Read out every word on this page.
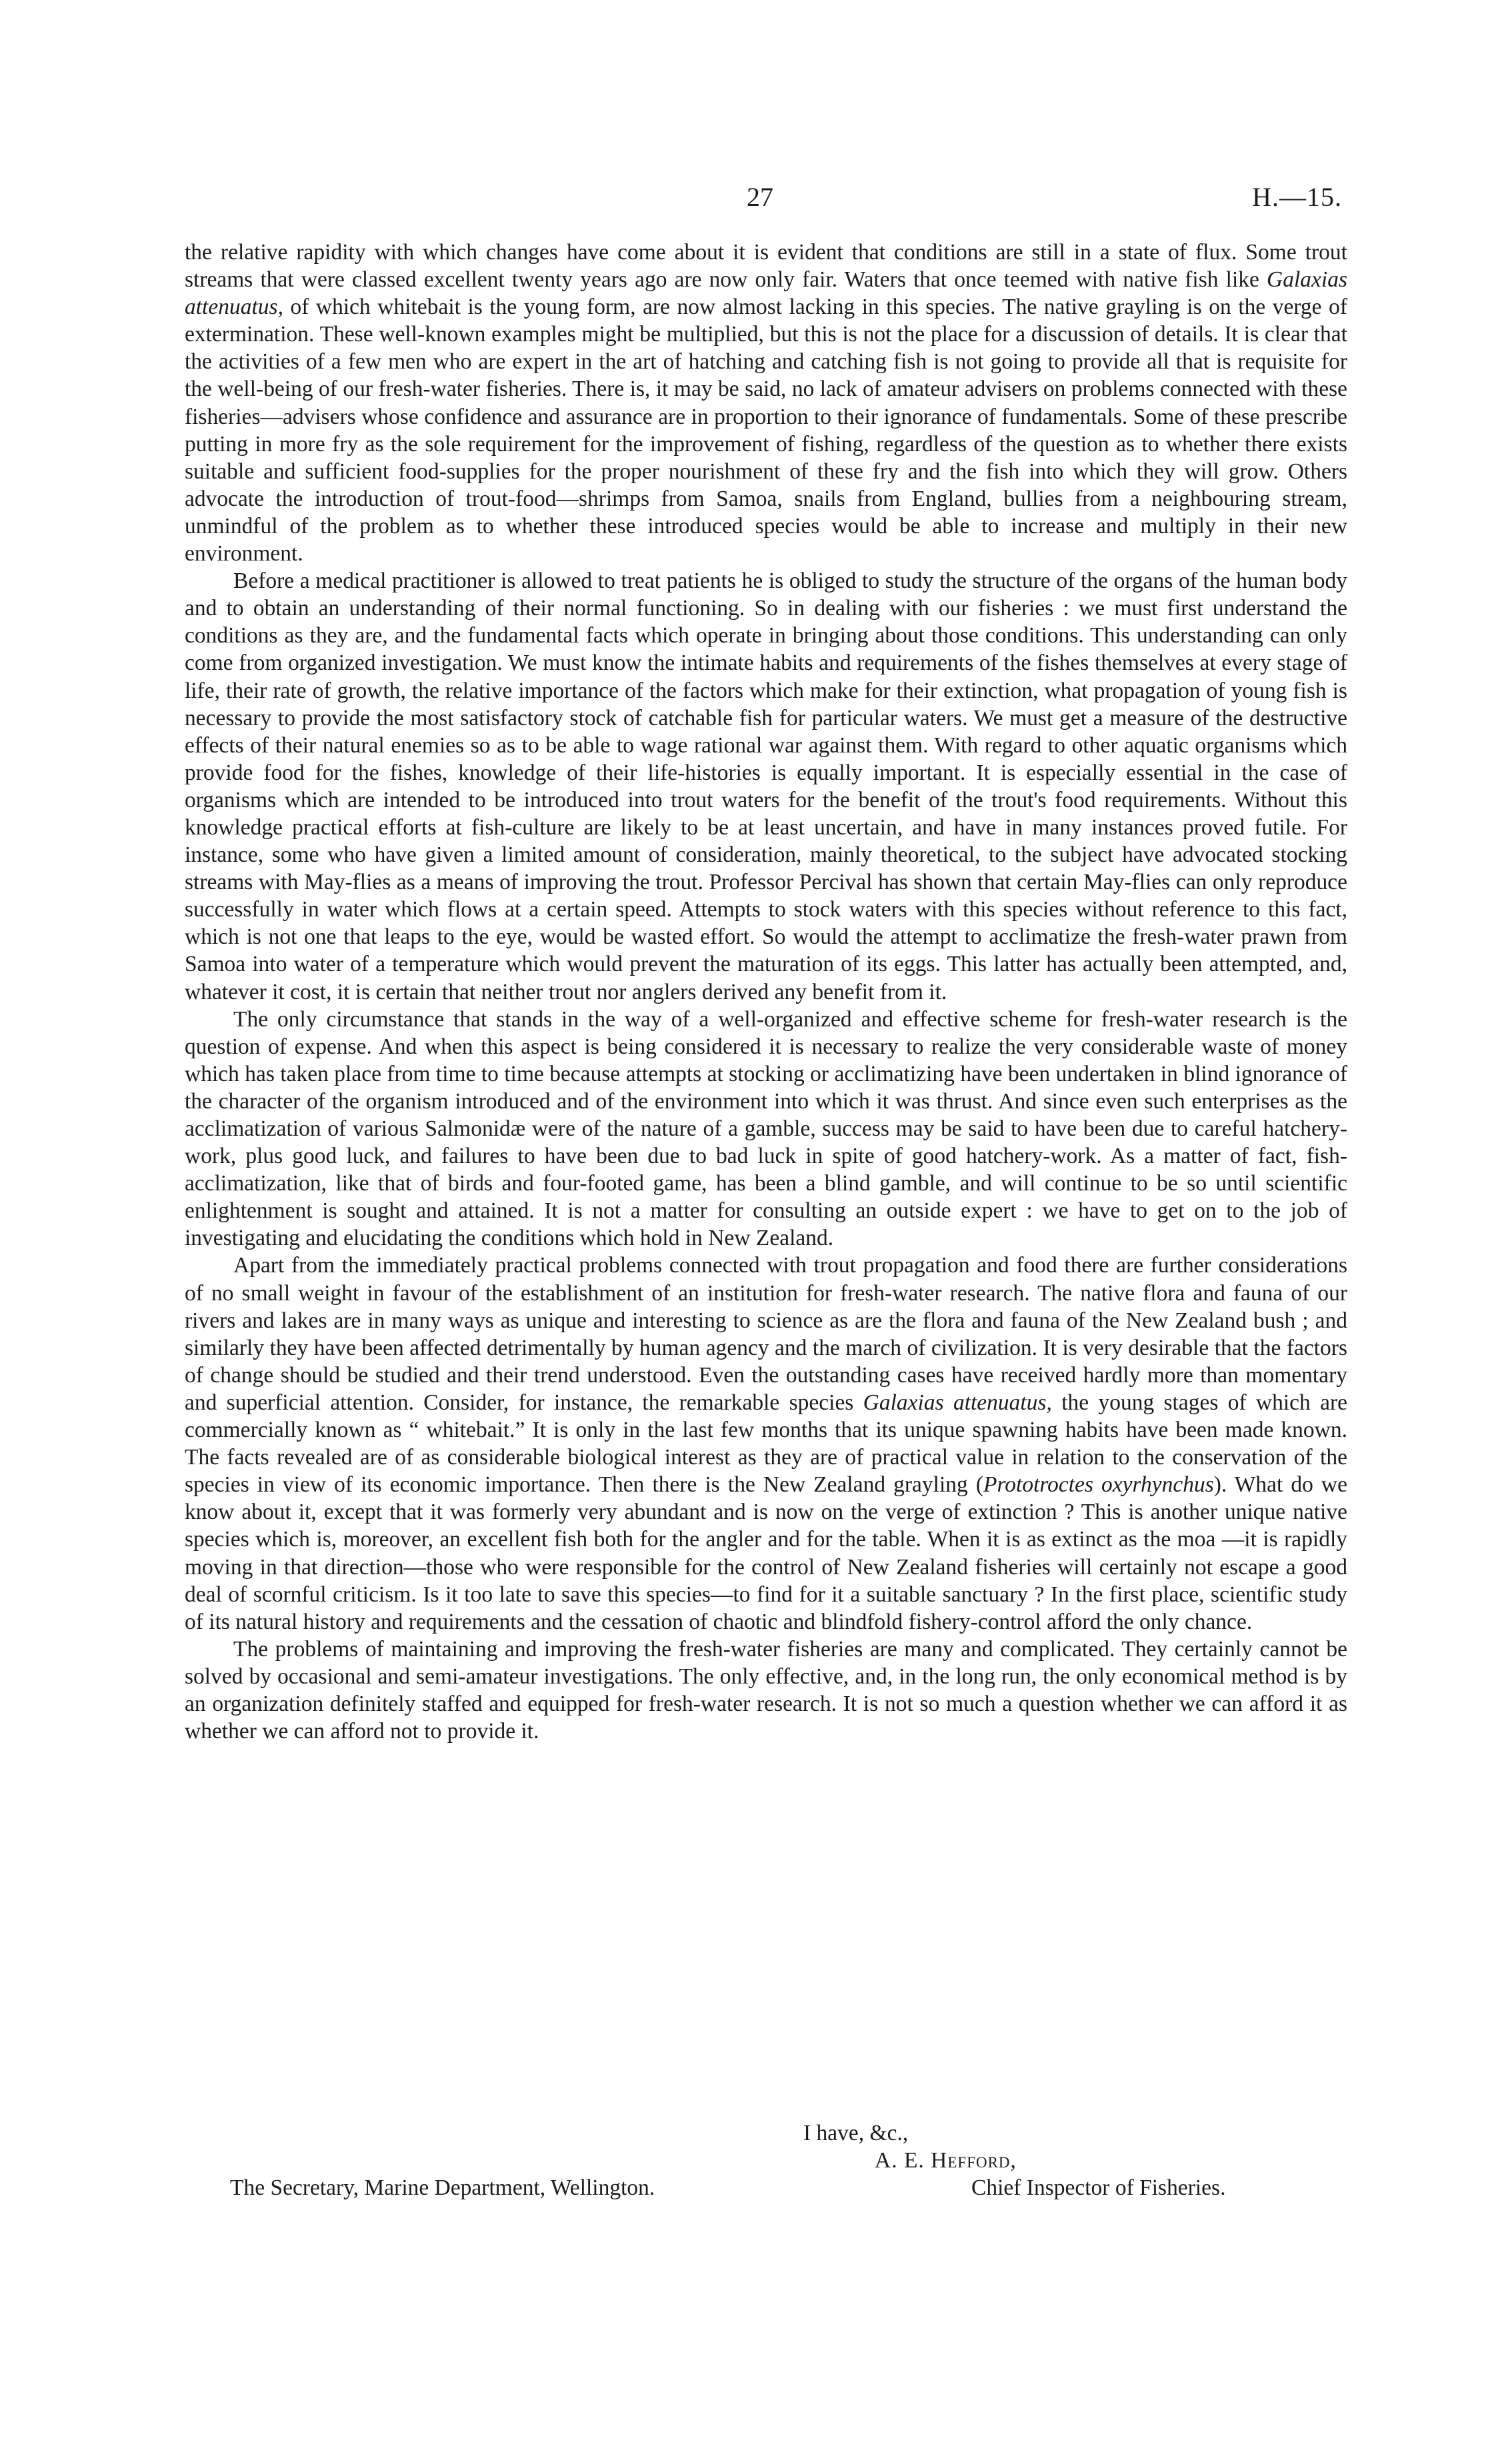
27	H.—15.

the relative rapidity with which changes have come about it is evident that conditions are still in a state of flux. Some trout streams that were classed excellent twenty years ago are now only fair. Waters that once teemed with native fish like Galaxias attenuatus, of which whitebait is the young form, are now almost lacking in this species. The native grayling is on the verge of extermination. These well-known examples might be multiplied, but this is not the place for a discussion of details. It is clear that the activities of a few men who are expert in the art of hatching and catching fish is not going to provide all that is requisite for the well-being of our fresh-water fisheries. There is, it may be said, no lack of amateur advisers on problems connected with these fisheries—advisers whose confidence and assurance are in proportion to their ignorance of fundamentals. Some of these prescribe putting in more fry as the sole requirement for the improvement of fishing, regardless of the question as to whether there exists suitable and sufficient food-supplies for the proper nourishment of these fry and the fish into which they will grow. Others advocate the introduction of trout-food—shrimps from Samoa, snails from England, bullies from a neighbouring stream, unmindful of the problem as to whether these introduced species would be able to increase and multiply in their new environment.

Before a medical practitioner is allowed to treat patients he is obliged to study the structure of the organs of the human body and to obtain an understanding of their normal functioning. So in dealing with our fisheries : we must first understand the conditions as they are, and the fundamental facts which operate in bringing about those conditions. This understanding can only come from organized investigation. We must know the intimate habits and requirements of the fishes themselves at every stage of life, their rate of growth, the relative importance of the factors which make for their extinction, what propagation of young fish is necessary to provide the most satisfactory stock of catchable fish for particular waters. We must get a measure of the destructive effects of their natural enemies so as to be able to wage rational war against them. With regard to other aquatic organisms which provide food for the fishes, knowledge of their life-histories is equally important. It is especially essential in the case of organisms which are intended to be introduced into trout waters for the benefit of the trout's food requirements. Without this knowledge practical efforts at fish-culture are likely to be at least uncertain, and have in many instances proved futile. For instance, some who have given a limited amount of consideration, mainly theoretical, to the subject have advocated stocking streams with May-flies as a means of improving the trout. Professor Percival has shown that certain May-flies can only reproduce successfully in water which flows at a certain speed. Attempts to stock waters with this species without reference to this fact, which is not one that leaps to the eye, would be wasted effort. So would the attempt to acclimatize the fresh-water prawn from Samoa into water of a temperature which would prevent the maturation of its eggs. This latter has actually been attempted, and, whatever it cost, it is certain that neither trout nor anglers derived any benefit from it.

The only circumstance that stands in the way of a well-organized and effective scheme for fresh-water research is the question of expense. And when this aspect is being considered it is necessary to realize the very considerable waste of money which has taken place from time to time because attempts at stocking or acclimatizing have been undertaken in blind ignorance of the character of the organism introduced and of the environment into which it was thrust. And since even such enterprises as the acclimatization of various Salmonidæ were of the nature of a gamble, success may be said to have been due to careful hatchery-work, plus good luck, and failures to have been due to bad luck in spite of good hatchery-work. As a matter of fact, fish-acclimatization, like that of birds and four-footed game, has been a blind gamble, and will continue to be so until scientific enlightenment is sought and attained. It is not a matter for consulting an outside expert : we have to get on to the job of investigating and elucidating the conditions which hold in New Zealand.

Apart from the immediately practical problems connected with trout propagation and food there are further considerations of no small weight in favour of the establishment of an institution for fresh-water research. The native flora and fauna of our rivers and lakes are in many ways as unique and interesting to science as are the flora and fauna of the New Zealand bush ; and similarly they have been affected detrimentally by human agency and the march of civilization. It is very desirable that the factors of change should be studied and their trend understood. Even the outstanding cases have received hardly more than momentary and superficial attention. Consider, for instance, the remarkable species Galaxias attenuatus, the young stages of which are commercially known as “ whitebait.” It is only in the last few months that its unique spawning habits have been made known. The facts revealed are of as considerable biological interest as they are of practical value in relation to the conservation of the species in view of its economic importance. Then there is the New Zealand grayling (Prototroctes oxyrhynchus). What do we know about it, except that it was formerly very abundant and is now on the verge of extinction ? This is another unique native species which is, moreover, an excellent fish both for the angler and for the table. When it is as extinct as the moa —it is rapidly moving in that direction—those who were responsible for the control of New Zealand fisheries will certainly not escape a good deal of scornful criticism. Is it too late to save this species—to find for it a suitable sanctuary ? In the first place, scientific study of its natural history and requirements and the cessation of chaotic and blindfold fishery-control afford the only chance.

The problems of maintaining and improving the fresh-water fisheries are many and complicated. They certainly cannot be solved by occasional and semi-amateur investigations. The only effective, and, in the long run, the only economical method is by an organization definitely staffed and equipped for fresh-water research. It is not so much a question whether we can afford it as whether we can afford not to provide it.

I have, &c.,
A. E. Hefford,
The Secretary, Marine Department, Wellington.	Chief Inspector of Fisheries.
